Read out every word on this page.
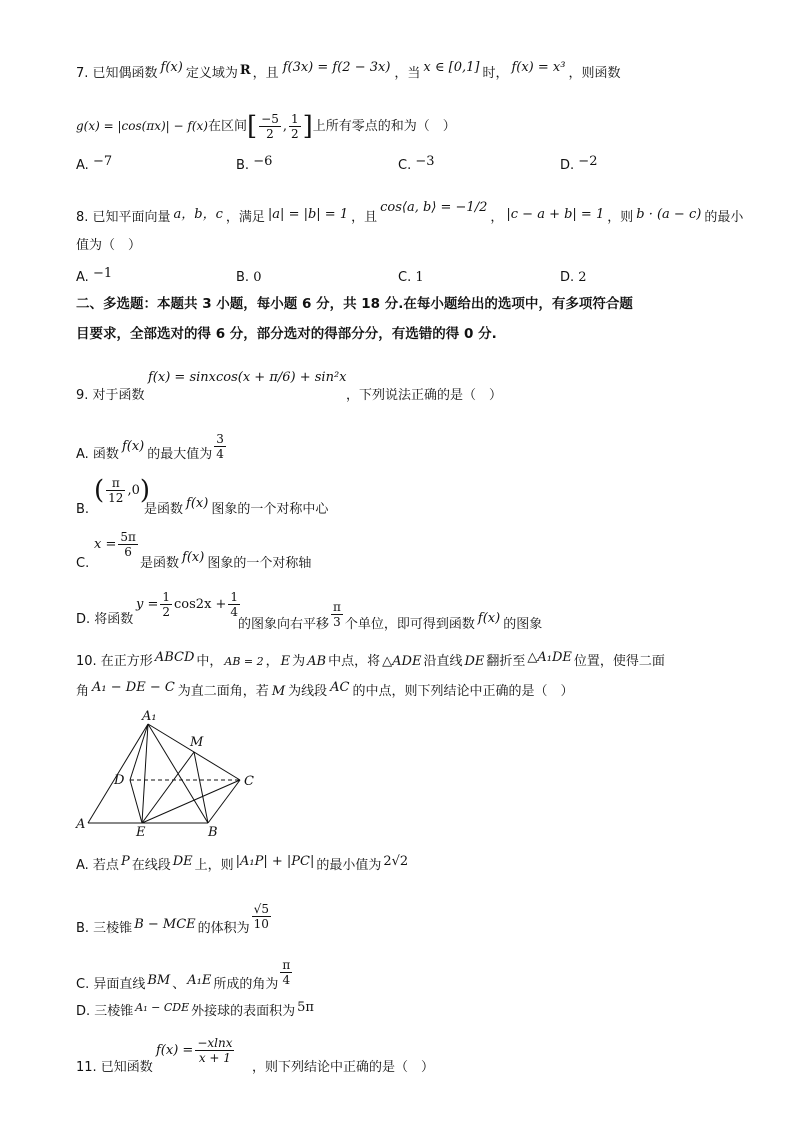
7. 已知偶函数 f(x) 定义域为 R ，且 f(3x) = f(2 − 3x) ，当 x ∈ [0,1] 时， f(x) = x³ ，则函数
g(x) = |cos(πx)| − f(x)在区间[ $\frac{-5}{2}$ , $\frac{1}{2}$ ]上所有零点的和为（　）
A. −7	B. −6	C. −3	D. −2
8. 已知平面向量 a，b，c ，满足 |a| = |b| = 1 ，且cos⟨a, b⟩ = −1/2， |c − a + b| = 1 ，则 b · (a − c) 的最小
值为（　）
A. −1	B. 0	C. 1	D. 2
二、多选题：本题共 3 小题，每小题 6 分，共 18 分.在每小题给出的选项中，有多项符合题
目要求，全部选对的得 6 分，部分选对的得部分分，有选错的得 0 分.
9. 对于函数
f(x) = sinxcos(x + π/6) + sin²x
，下列说法正确的是（　）
A. 函数f(x)的最大值为 $\frac{3}{4}$
B.
( $\frac{\pi}{12} ,0$)
是函数 f(x) 图象的一个对称中心
C.
$x = \frac{5\pi}{6}$
是函数 f(x) 图象的一个对称轴
D. 将函数
$y = \frac{1}{2} \cos 2x + \frac{1}{4}$
的图象向右平移 $\frac{\pi}{3}$ 个单位，即可得到函数 f(x) 的图象
10. 在正方形 ABCD 中， AB = 2 ， E 为 AB 中点，将 △ADE 沿直线 DE 翻折至 △A₁DE 位置，使得二面
角 A₁ − DE − C 为直二面角，若 M 为线段 AC 的中点，则下列结论中正确的是（　）
A₁
M
D	C
A
E	B
A. 若点 P 在线段 DE 上，则 |A₁P| + |PC| 的最小值为 2√2
B. 三棱锥 B − MCE 的体积为 $\frac{√5}{10}$
C. 异面直线 BM 、 A₁E 所成的角为 $\frac{\pi}{4}$
D. 三棱锥 $^{A_1 - CDE}$ 外接球的表面积为 5π
11. 已知函数
$f(x) = \frac{-xlnx}{x + 1}$
，则下列结论中正确的是（　）
